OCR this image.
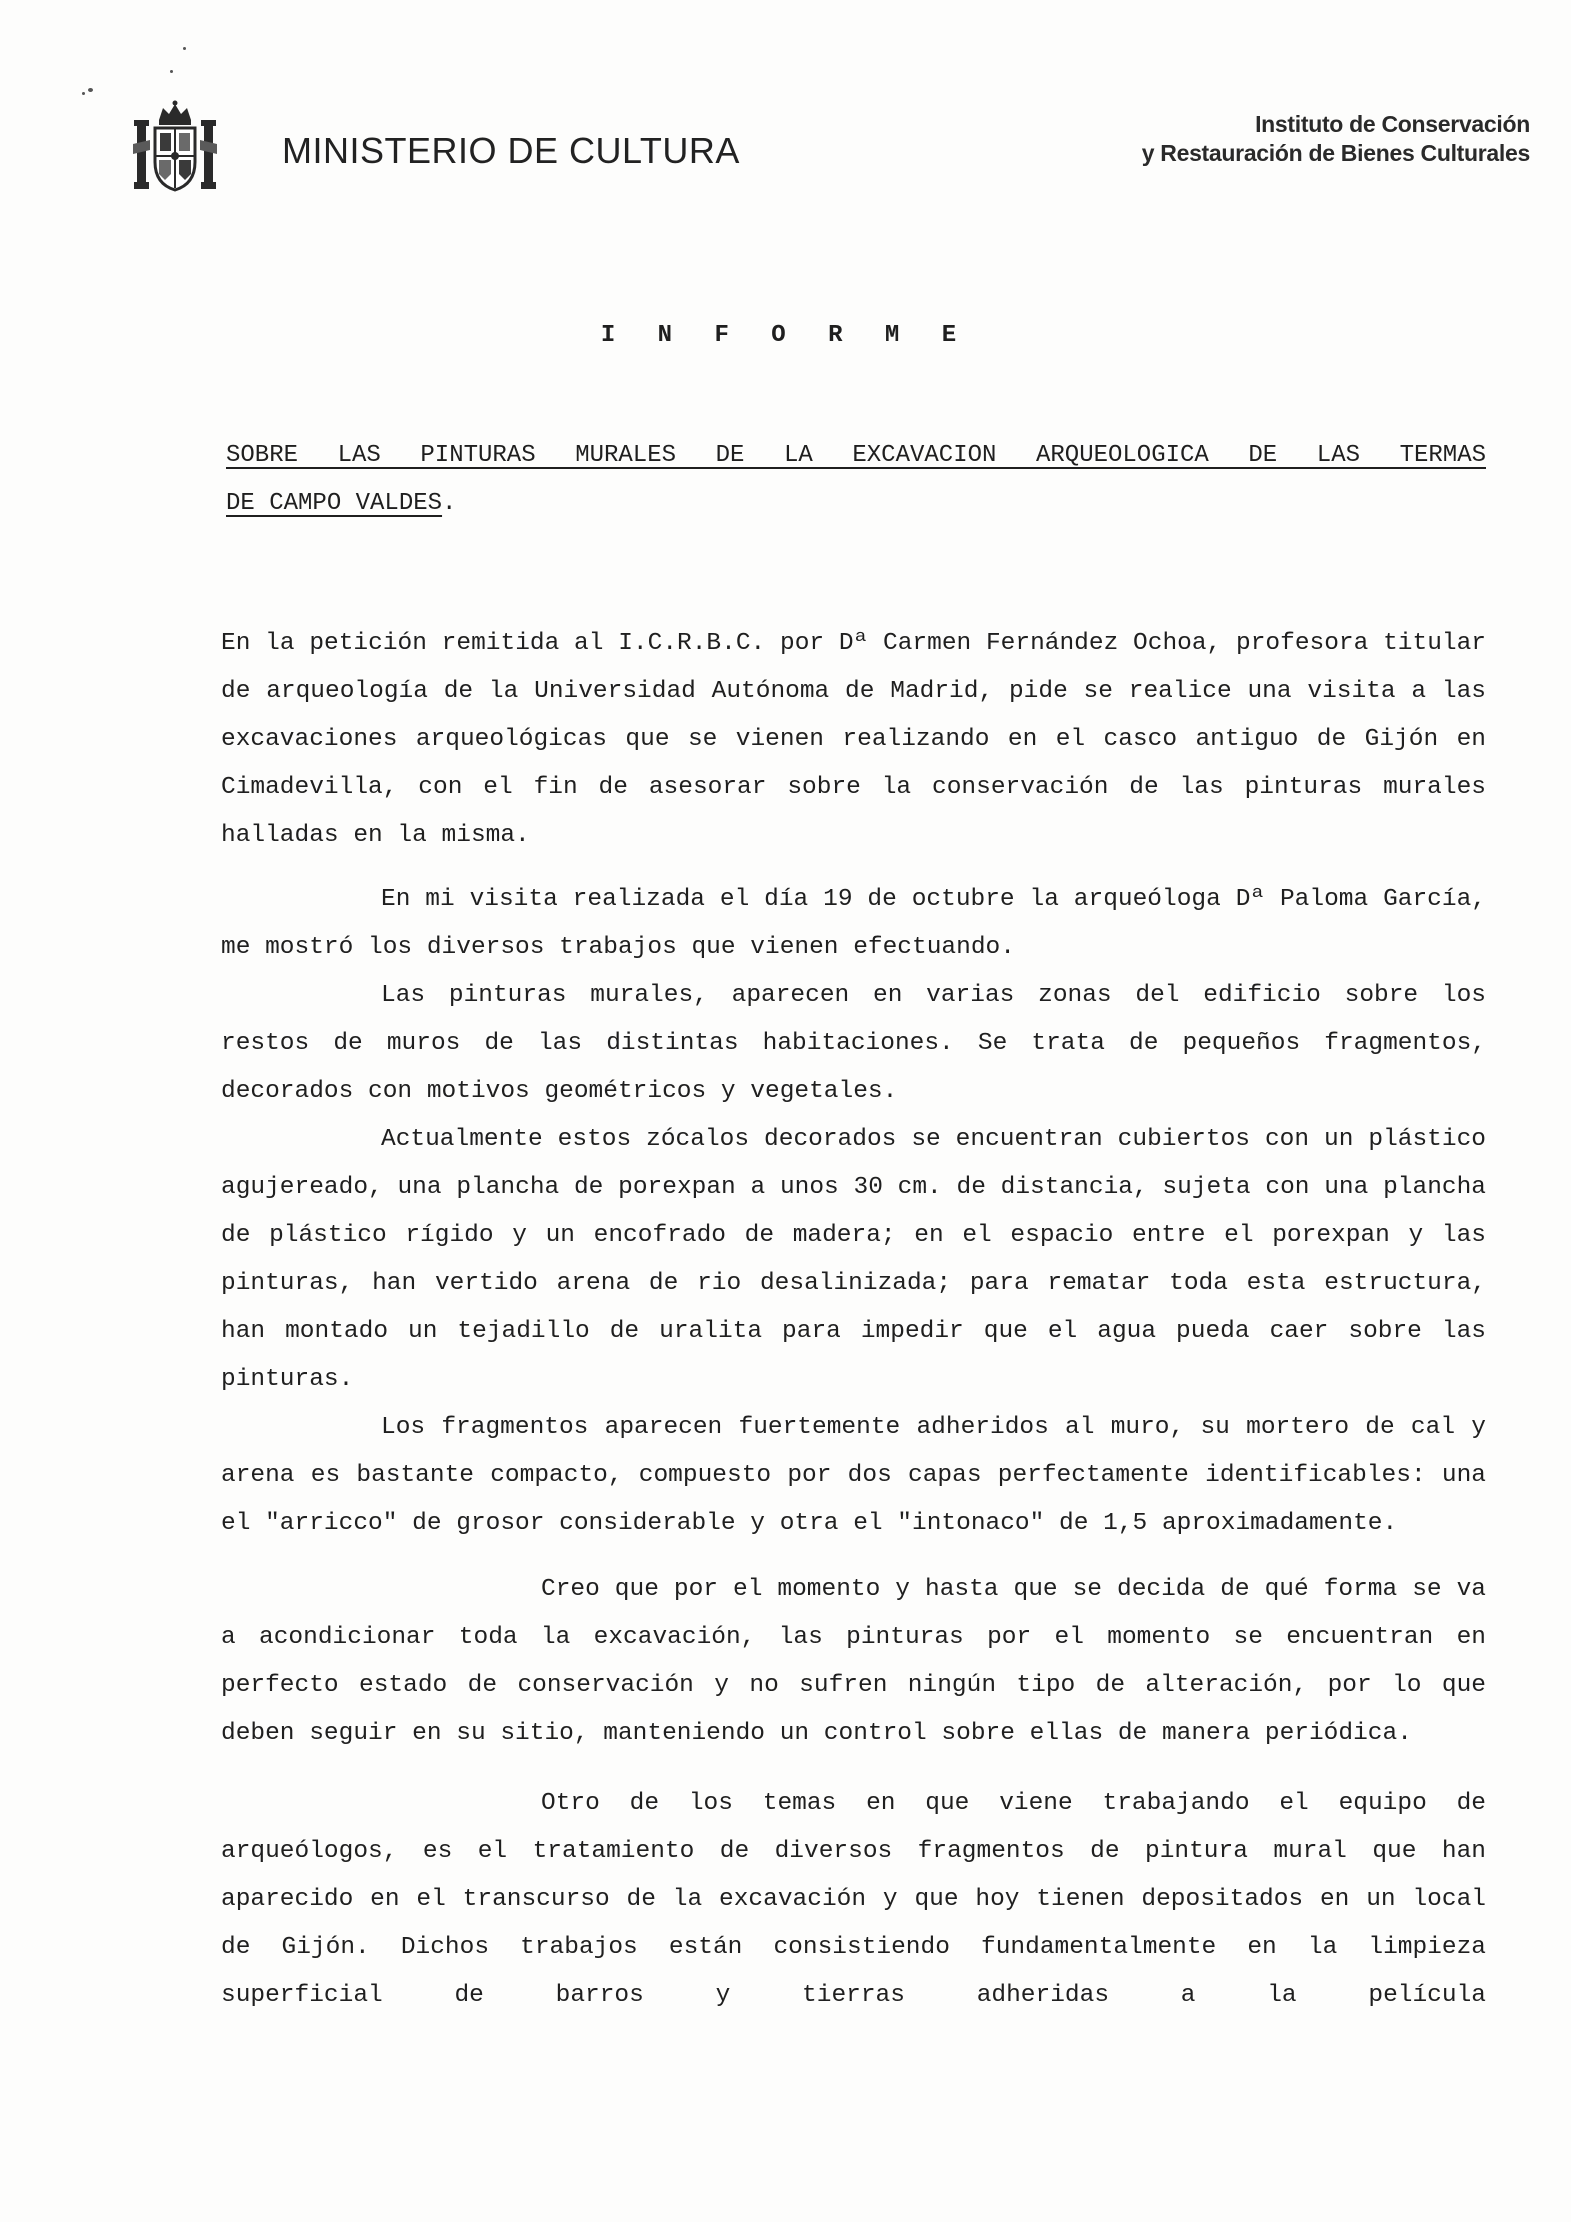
MINISTERIO DE CULTURA
Instituto de Conservación
y Restauración de Bienes Culturales
I N F O R M E
SOBRE LAS PINTURAS MURALES DE LA EXCAVACION ARQUEOLOGICA DE LAS TERMAS
DE CAMPO VALDES.

En la petición remitida al I.C.R.B.C. por Dª Carmen Fernández Ochoa, profesora titular de arqueología de la Universidad Autónoma de Madrid, pide se realice una visita a las excavaciones arqueológicas que se vienen realizando en el casco antiguo de Gijón en Cimadevilla, con el fin de asesorar sobre la conservación de las pinturas murales halladas en la misma.

En mi visita realizada el día 19 de octubre la arqueóloga Dª Paloma García, me mostró los diversos trabajos que vienen efectuando.

Las pinturas murales, aparecen en varias zonas del edificio sobre los restos de muros de las distintas habitaciones. Se trata de pequeños fragmentos, decorados con motivos geométricos y vegetales.

Actualmente estos zócalos decorados se encuentran cubiertos con un plástico agujereado, una plancha de porexpan a unos 30 cm. de distancia, sujeta con una plancha de plástico rígido y un encofrado de madera; en el espacio entre el porexpan y las pinturas, han vertido arena de rio desalinizada; para rematar toda esta estructura, han montado un tejadillo de uralita para impedir que el agua pueda caer sobre las pinturas.

Los fragmentos aparecen fuertemente adheridos al muro, su mortero de cal y arena es bastante compacto, compuesto por dos capas perfectamente identificables: una el "arricco" de grosor considerable y otra el "intonaco" de 1,5 aproximadamente.

Creo que por el momento y hasta que se decida de qué forma se va a acondicionar toda la excavación, las pinturas por el momento se encuentran en perfecto estado de conservación y no sufren ningún tipo de alteración, por lo que deben seguir en su sitio, manteniendo un control sobre ellas de manera periódica.

Otro de los temas en que viene trabajando el equipo de arqueólogos, es el tratamiento de diversos fragmentos de pintura mural que han aparecido en el transcurso de la excavación y que hoy tienen depositados en un local de Gijón. Dichos trabajos están consistiendo fundamentalmente en la limpieza superficial de barros y tierras adheridas a la película
